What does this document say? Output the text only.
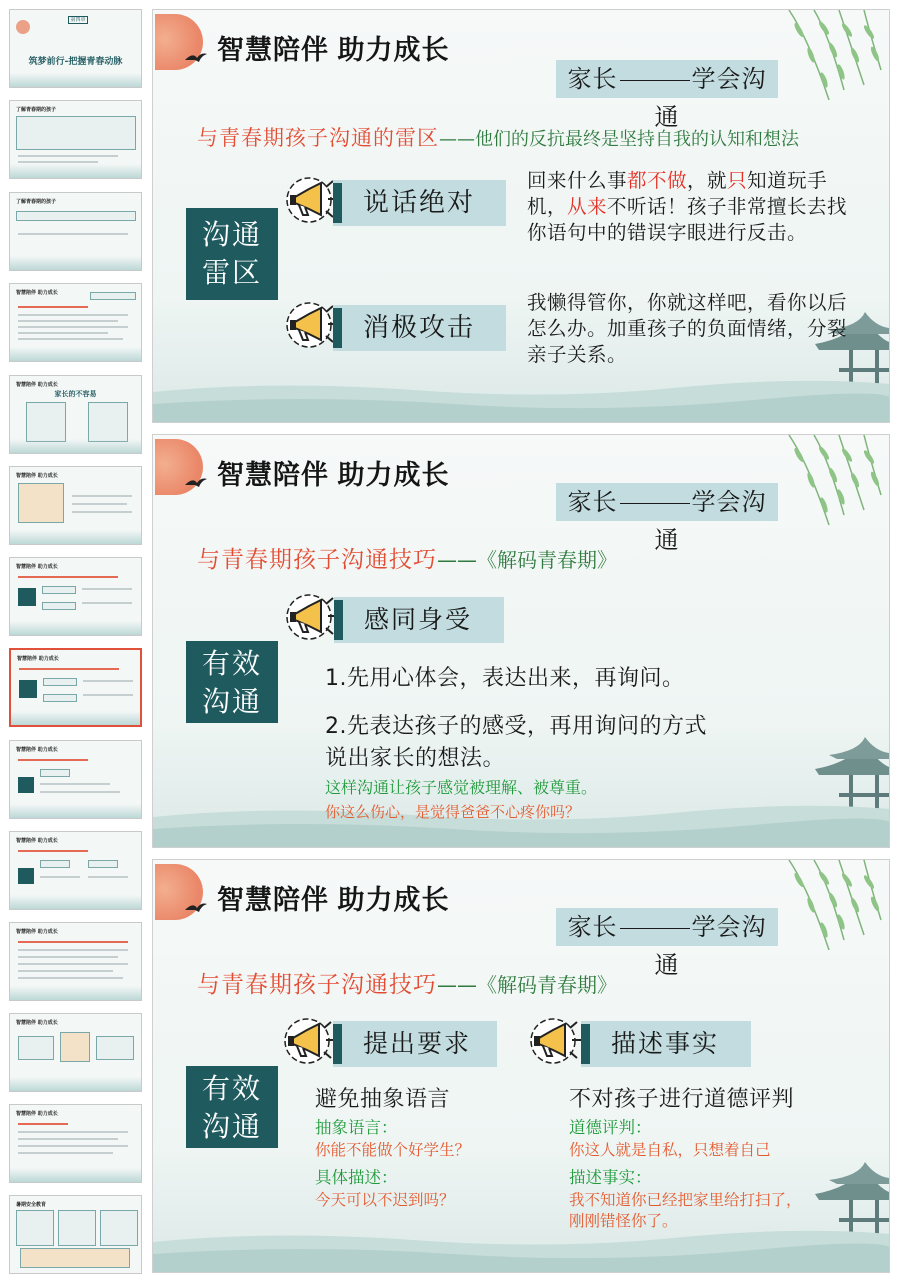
第四章
筑梦前行-把握青春动脉
了解青春期的孩子
了解青春期的孩子
智慧陪伴 助力成长
智慧陪伴 助力成长
家长的不容易
智慧陪伴 助力成长
智慧陪伴 助力成长
智慧陪伴 助力成长
智慧陪伴 助力成长
智慧陪伴 助力成长
智慧陪伴 助力成长
智慧陪伴 助力成长
智慧陪伴 助力成长
暑期安全教育
智慧陪伴 助力成长
家长	学会沟通
与青春期孩子沟通的雷区——他们的反抗最终是坚持自我的认知和想法
沟通
雷区
说话绝对
回来什么事都不做，就只知道玩手机，从来不听话！孩子非常擅长去找你语句中的错误字眼进行反击。
消极攻击
我懒得管你，你就这样吧，看你以后怎么办。加重孩子的负面情绪，分裂亲子关系。
智慧陪伴 助力成长
家长	学会沟通
与青春期孩子沟通技巧——《解码青春期》
有效
沟通
感同身受
1.先用心体会，表达出来，再询问。
2.先表达孩子的感受，再用询问的方式
说出家长的想法。
这样沟通让孩子感觉被理解、被尊重。
你这么伤心，是觉得爸爸不心疼你吗？
智慧陪伴 助力成长
家长	学会沟通
与青春期孩子沟通技巧——《解码青春期》
有效
沟通
提出要求	描述事实
避免抽象语言
抽象语言：
你能不能做个好学生？
具体描述：
今天可以不迟到吗？
不对孩子进行道德评判
道德评判：
你这人就是自私，只想着自己
描述事实：
我不知道你已经把家里给打扫了，
刚刚错怪你了。
